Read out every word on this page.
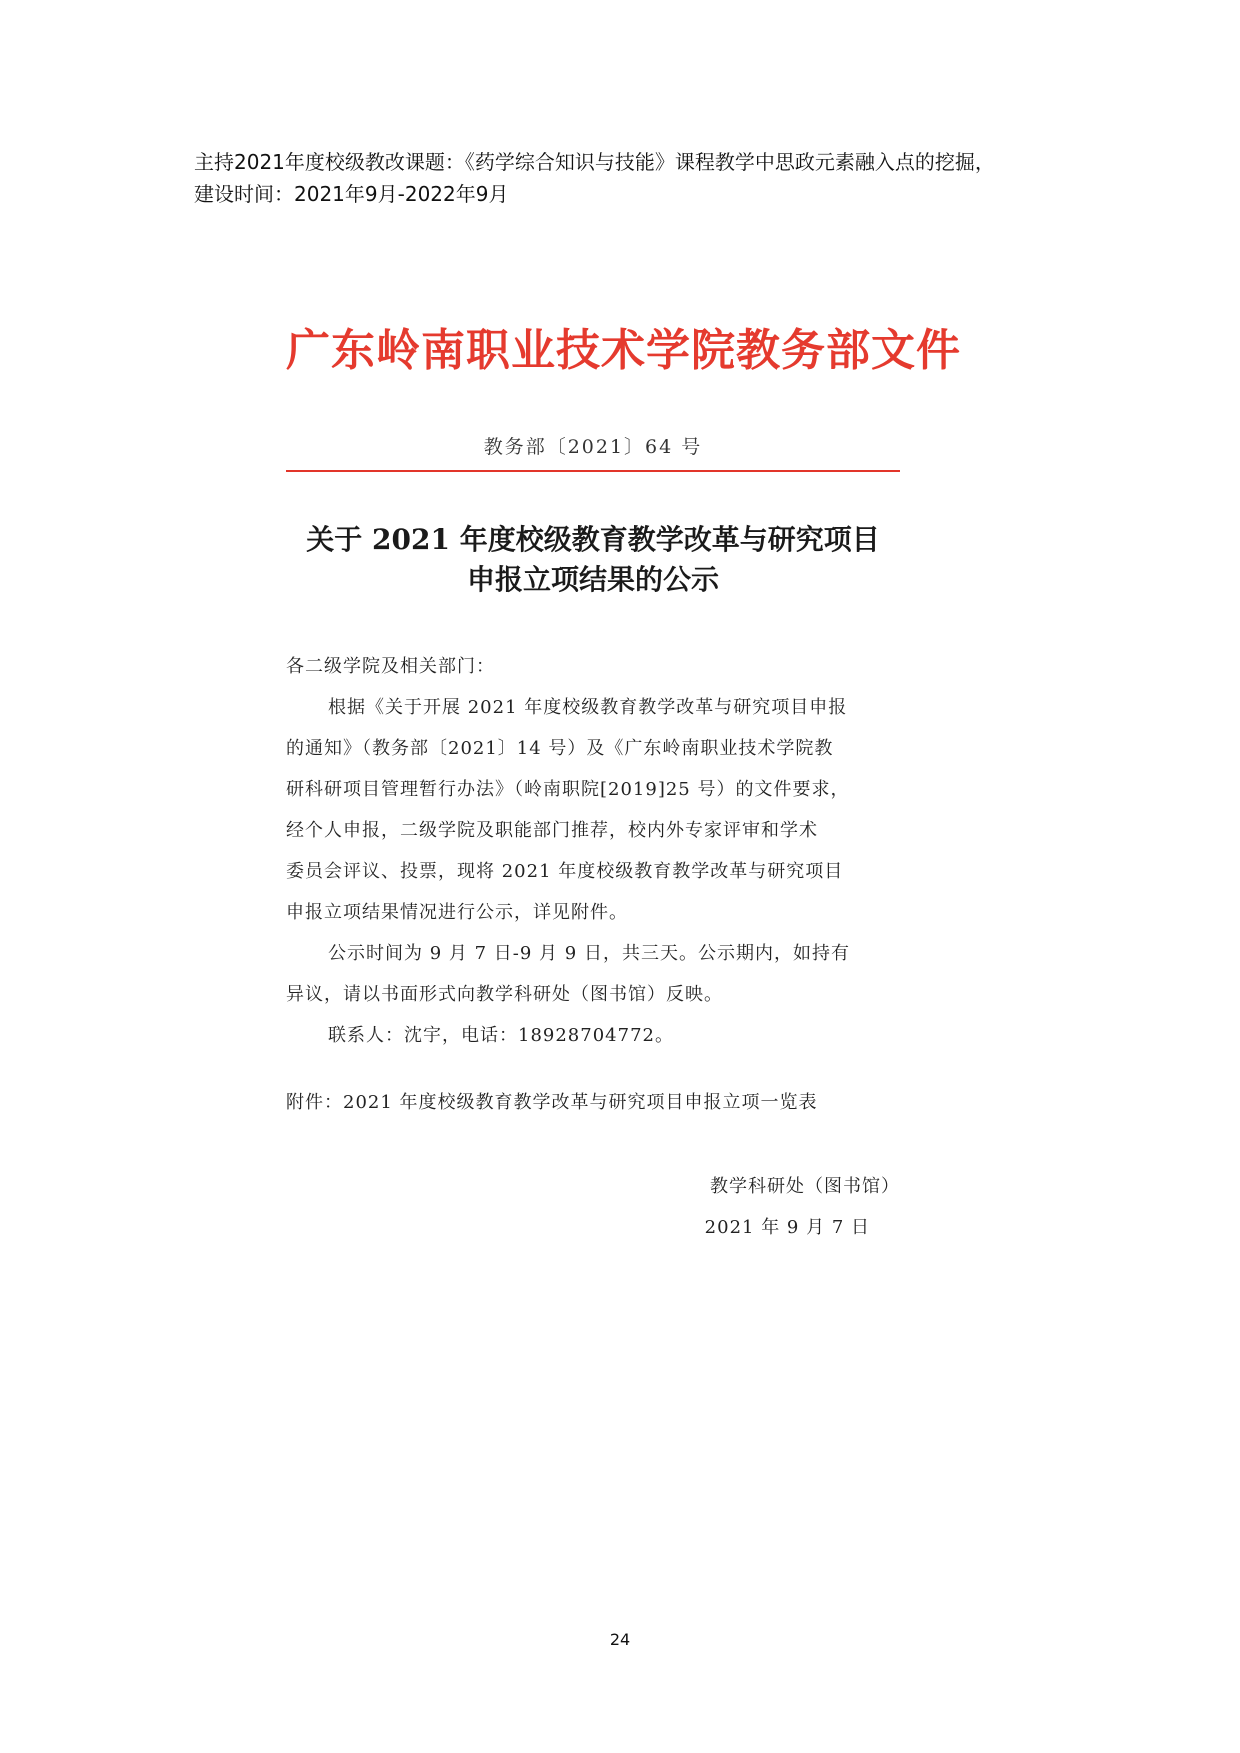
主持2021年度校级教改课题：《药学综合知识与技能》课程教学中思政元素融入点的挖掘，
建设时间：2021年9月-2022年9月
广东岭南职业技术学院教务部文件
教务部〔2021〕64 号
关于 2021 年度校级教育教学改革与研究项目
申报立项结果的公示
各二级学院及相关部门：
根据《关于开展 2021 年度校级教育教学改革与研究项目申报
的通知》（教务部〔2021〕14 号）及《广东岭南职业技术学院教
研科研项目管理暂行办法》（岭南职院[2019]25 号）的文件要求，
经个人申报，二级学院及职能部门推荐，校内外专家评审和学术
委员会评议、投票，现将 2021 年度校级教育教学改革与研究项目
申报立项结果情况进行公示，详见附件。
公示时间为 9 月 7 日-9 月 9 日，共三天。公示期内，如持有
异议，请以书面形式向教学科研处（图书馆）反映。
联系人：沈宇，电话：18928704772。
附件：2021 年度校级教育教学改革与研究项目申报立项一览表
教学科研处（图书馆）
2021 年 9 月 7 日
24
